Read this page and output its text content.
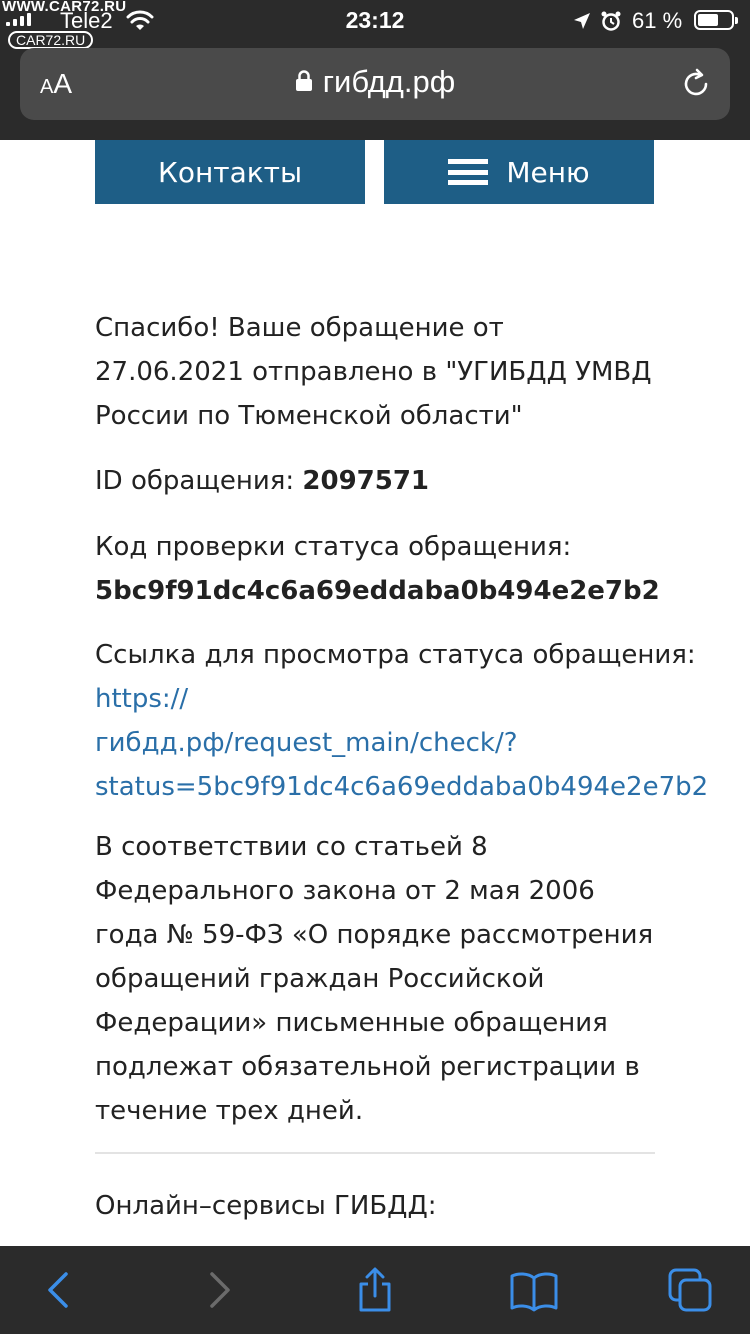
Tele2
WWW.CAR72.RU
CAR72.RU
23:12	61 %
AA	гибдд.рф
Контакты	Меню

Спасибо! Ваше обращение от 27.06.2021 отправлено в "УГИБДД УМВД России по Тюменской области"

ID обращения: 2097571

Код проверки статуса обращения:
5bc9f91dc4c6a69eddaba0b494e2e7b2

Ссылка для просмотра статуса обращения: https://
гибдд.рф/request_main/check/?
status=5bc9f91dc4c6a69eddaba0b494e2e7b2

В соответствии со статьей 8 Федерального закона от 2 мая 2006 года № 59-ФЗ «О порядке рассмотрения обращений граждан Российской Федерации» письменные обращения подлежат обязательной регистрации в течение трех дней.

Онлайн–сервисы ГИБДД:
